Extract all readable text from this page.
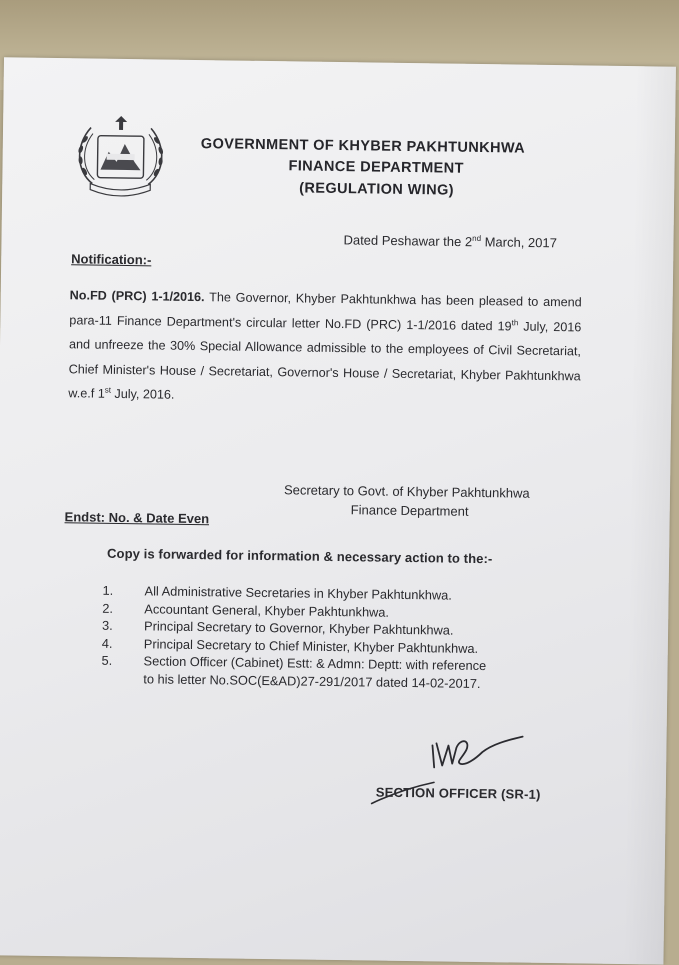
GOVERNMENT OF KHYBER PAKHTUNKHWA
FINANCE DEPARTMENT
(REGULATION WING)
Dated Peshawar the 2nd March, 2017
Notification:-
No.FD (PRC) 1-1/2016. The Governor, Khyber Pakhtunkhwa has been pleased to amend para-11 Finance Department's circular letter No.FD (PRC) 1-1/2016 dated 19th July, 2016 and unfreeze the 30% Special Allowance admissible to the employees of Civil Secretariat, Chief Minister's House / Secretariat, Governor's House / Secretariat, Khyber Pakhtunkhwa w.e.f 1st July, 2016.
Secretary to Govt. of Khyber Pakhtunkhwa
Finance Department
Endst: No. & Date Even
Copy is forwarded for information & necessary action to the:-
1.	All Administrative Secretaries in Khyber Pakhtunkhwa.
2.	Accountant General, Khyber Pakhtunkhwa.
3.	Principal Secretary to Governor, Khyber Pakhtunkhwa.
4.	Principal Secretary to Chief Minister, Khyber Pakhtunkhwa.
5.	Section Officer (Cabinet) Estt: & Admn: Deptt: with reference
to his letter No.SOC(E&AD)27-291/2017 dated 14-02-2017.
SECTION OFFICER (SR-1)
